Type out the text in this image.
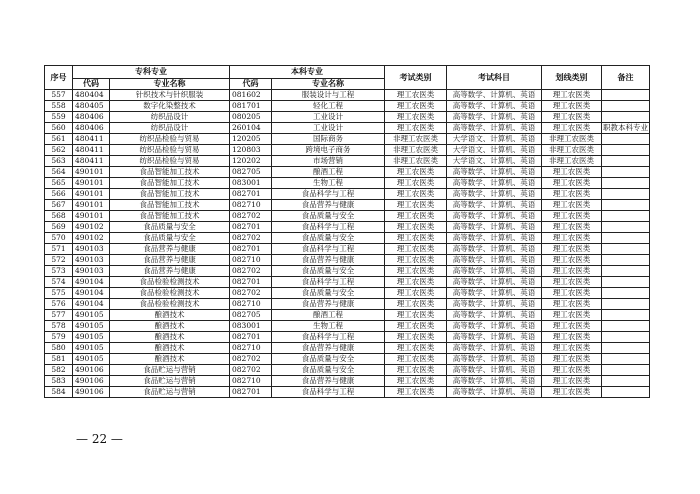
序号	专科专业		本科专业		考试类别	考试科目	划线类别	备注
	代码	专业名称	代码	专业名称				
557	480404	针织技术与针织服装	081602	服装设计与工程	理工农医类	高等数学、计算机、英语	理工农医类	
558	480405	数字化染整技术	081701	轻化工程	理工农医类	高等数学、计算机、英语	理工农医类	
559	480406	纺织品设计	080205	工业设计	理工农医类	高等数学、计算机、英语	理工农医类	
560	480406	纺织品设计	260104	工业设计	理工农医类	高等数学、计算机、英语	理工农医类	职教本科专业
561	480411	纺织品检验与贸易	120205	国际商务	非理工农医类	大学语文、计算机、英语	非理工农医类	
562	480411	纺织品检验与贸易	120803	跨境电子商务	非理工农医类	大学语文、计算机、英语	非理工农医类	
563	480411	纺织品检验与贸易	120202	市场营销	非理工农医类	大学语文、计算机、英语	非理工农医类	
564	490101	食品智能加工技术	082705	酿酒工程	理工农医类	高等数学、计算机、英语	理工农医类	
565	490101	食品智能加工技术	083001	生物工程	理工农医类	高等数学、计算机、英语	理工农医类	
566	490101	食品智能加工技术	082701	食品科学与工程	理工农医类	高等数学、计算机、英语	理工农医类	
567	490101	食品智能加工技术	082710	食品营养与健康	理工农医类	高等数学、计算机、英语	理工农医类	
568	490101	食品智能加工技术	082702	食品质量与安全	理工农医类	高等数学、计算机、英语	理工农医类	
569	490102	食品质量与安全	082701	食品科学与工程	理工农医类	高等数学、计算机、英语	理工农医类	
570	490102	食品质量与安全	082702	食品质量与安全	理工农医类	高等数学、计算机、英语	理工农医类	
571	490103	食品营养与健康	082701	食品科学与工程	理工农医类	高等数学、计算机、英语	理工农医类	
572	490103	食品营养与健康	082710	食品营养与健康	理工农医类	高等数学、计算机、英语	理工农医类	
573	490103	食品营养与健康	082702	食品质量与安全	理工农医类	高等数学、计算机、英语	理工农医类	
574	490104	食品检验检测技术	082701	食品科学与工程	理工农医类	高等数学、计算机、英语	理工农医类	
575	490104	食品检验检测技术	082702	食品质量与安全	理工农医类	高等数学、计算机、英语	理工农医类	
576	490104	食品检验检测技术	082710	食品营养与健康	理工农医类	高等数学、计算机、英语	理工农医类	
577	490105	酿酒技术	082705	酿酒工程	理工农医类	高等数学、计算机、英语	理工农医类	
578	490105	酿酒技术	083001	生物工程	理工农医类	高等数学、计算机、英语	理工农医类	
579	490105	酿酒技术	082701	食品科学与工程	理工农医类	高等数学、计算机、英语	理工农医类	
580	490105	酿酒技术	082710	食品营养与健康	理工农医类	高等数学、计算机、英语	理工农医类	
581	490105	酿酒技术	082702	食品质量与安全	理工农医类	高等数学、计算机、英语	理工农医类	
582	490106	食品贮运与营销	082702	食品质量与安全	理工农医类	高等数学、计算机、英语	理工农医类	
583	490106	食品贮运与营销	082710	食品营养与健康	理工农医类	高等数学、计算机、英语	理工农医类	
584	490106	食品贮运与营销	082701	食品科学与工程	理工农医类	高等数学、计算机、英语	理工农医类	
— 22 —
